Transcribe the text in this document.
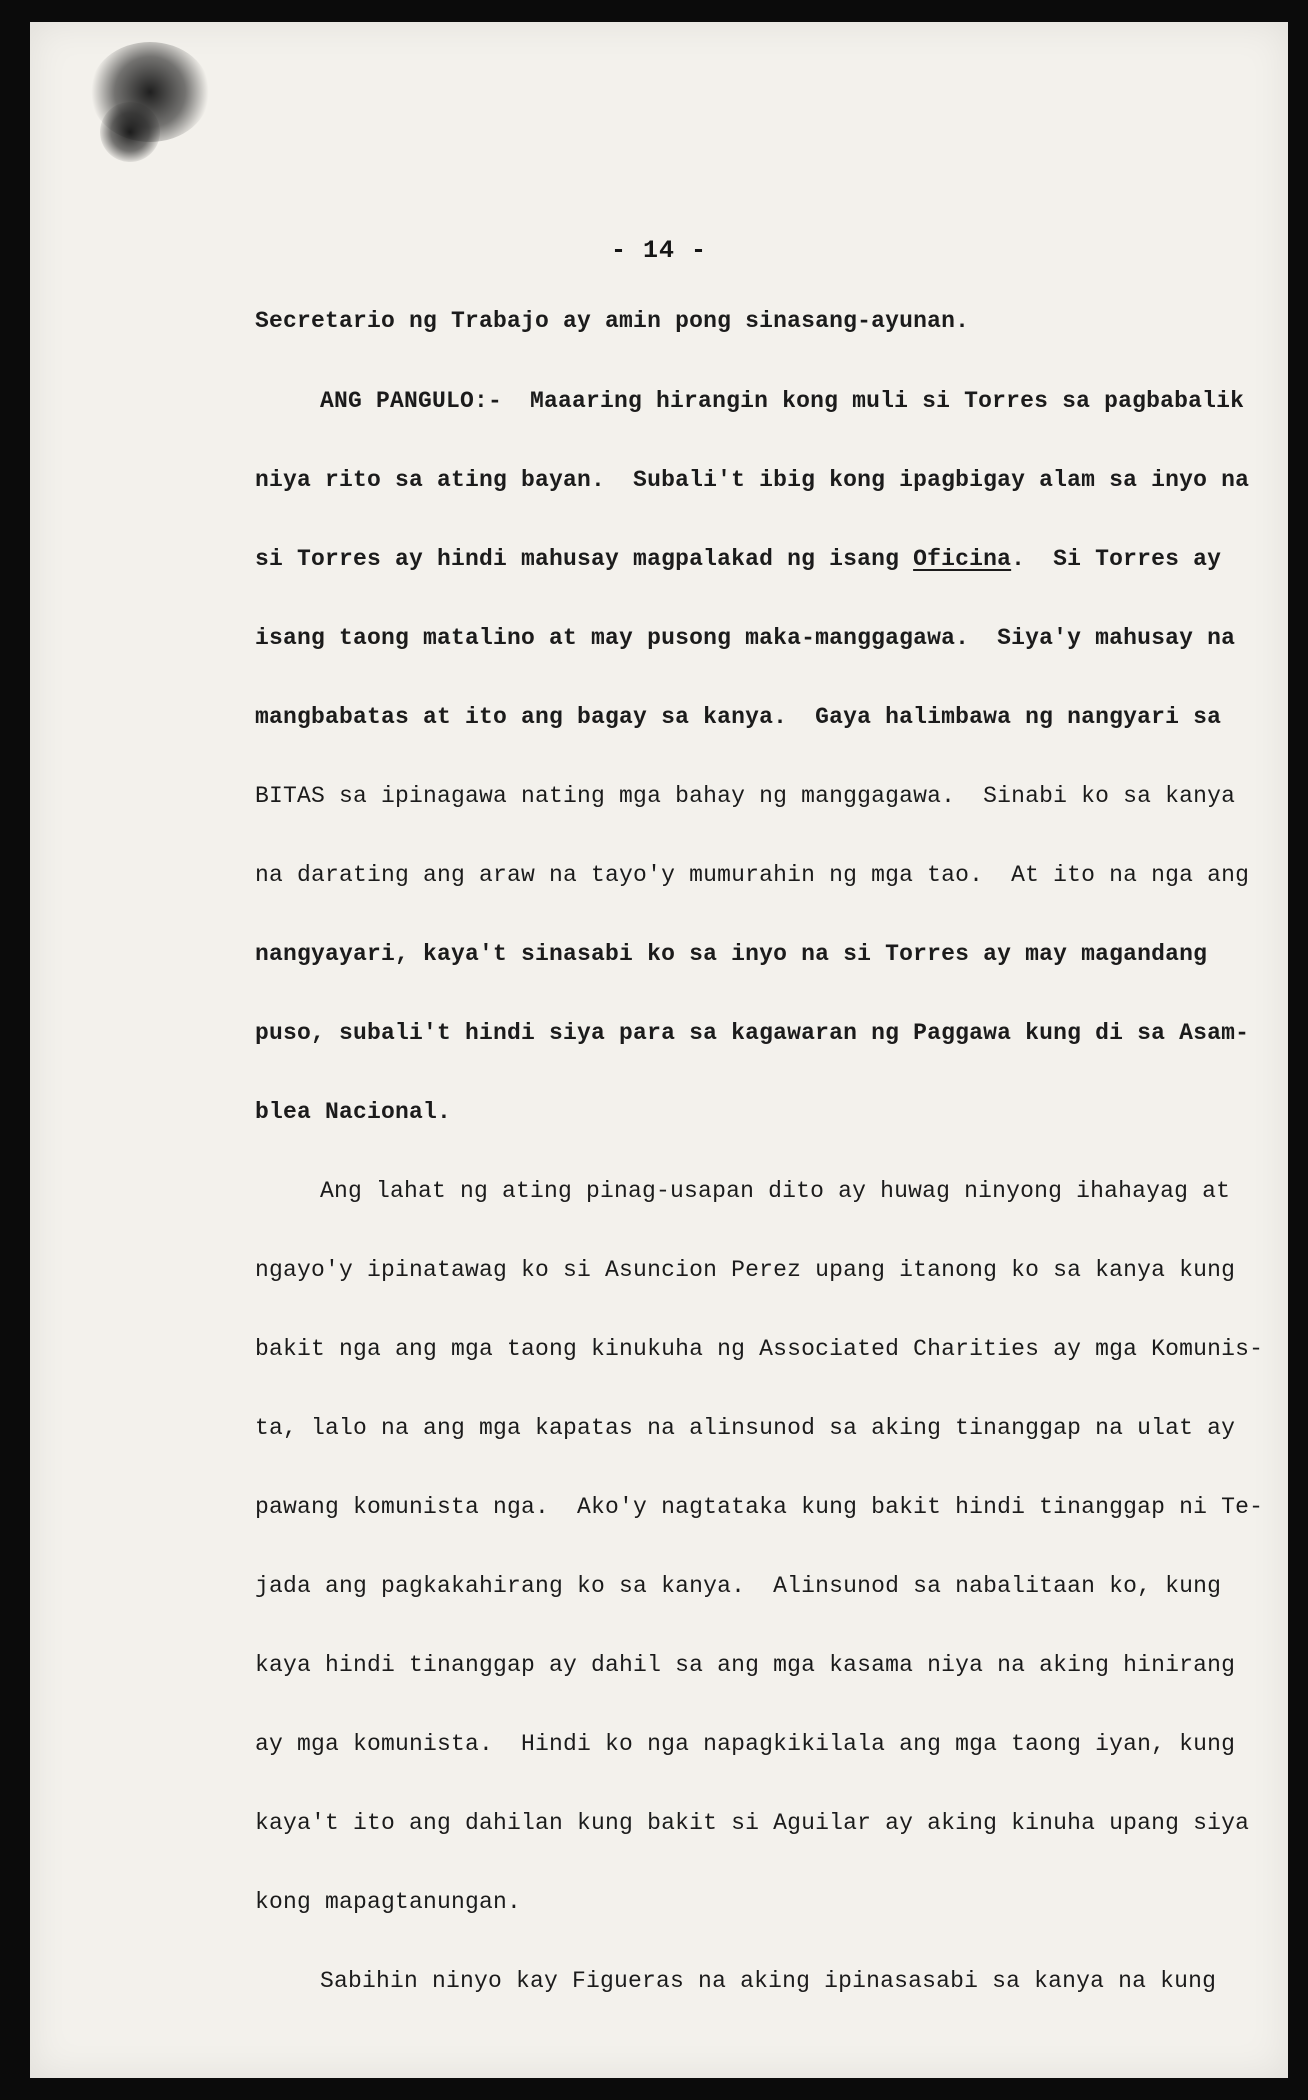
- 14 -
Secretario ng Trabajo ay amin pong sinasang-ayunan.
ANG PANGULO:-  Maaaring hirangin kong muli si Torres sa pagbabalik
niya rito sa ating bayan.  Subali't ibig kong ipagbigay alam sa inyo na
si Torres ay hindi mahusay magpalakad ng isang Oficina.  Si Torres ay
isang taong matalino at may pusong maka-manggagawa.  Siya'y mahusay na
mangbabatas at ito ang bagay sa kanya.  Gaya halimbawa ng nangyari sa
BITAS sa ipinagawa nating mga bahay ng manggagawa.  Sinabi ko sa kanya
na darating ang araw na tayo'y mumurahin ng mga tao.  At ito na nga ang
nangyayari, kaya't sinasabi ko sa inyo na si Torres ay may magandang
puso, subali't hindi siya para sa kagawaran ng Paggawa kung di sa Asam-
blea Nacional.
Ang lahat ng ating pinag-usapan dito ay huwag ninyong ihahayag at
ngayo'y ipinatawag ko si Asuncion Perez upang itanong ko sa kanya kung
bakit nga ang mga taong kinukuha ng Associated Charities ay mga Komunis-
ta, lalo na ang mga kapatas na alinsunod sa aking tinanggap na ulat ay
pawang komunista nga.  Ako'y nagtataka kung bakit hindi tinanggap ni Te-
jada ang pagkakahirang ko sa kanya.  Alinsunod sa nabalitaan ko, kung
kaya hindi tinanggap ay dahil sa ang mga kasama niya na aking hinirang
ay mga komunista.  Hindi ko nga napagkikilala ang mga taong iyan, kung
kaya't ito ang dahilan kung bakit si Aguilar ay aking kinuha upang siya
kong mapagtanungan.
Sabihin ninyo kay Figueras na aking ipinasasabi sa kanya na kung
